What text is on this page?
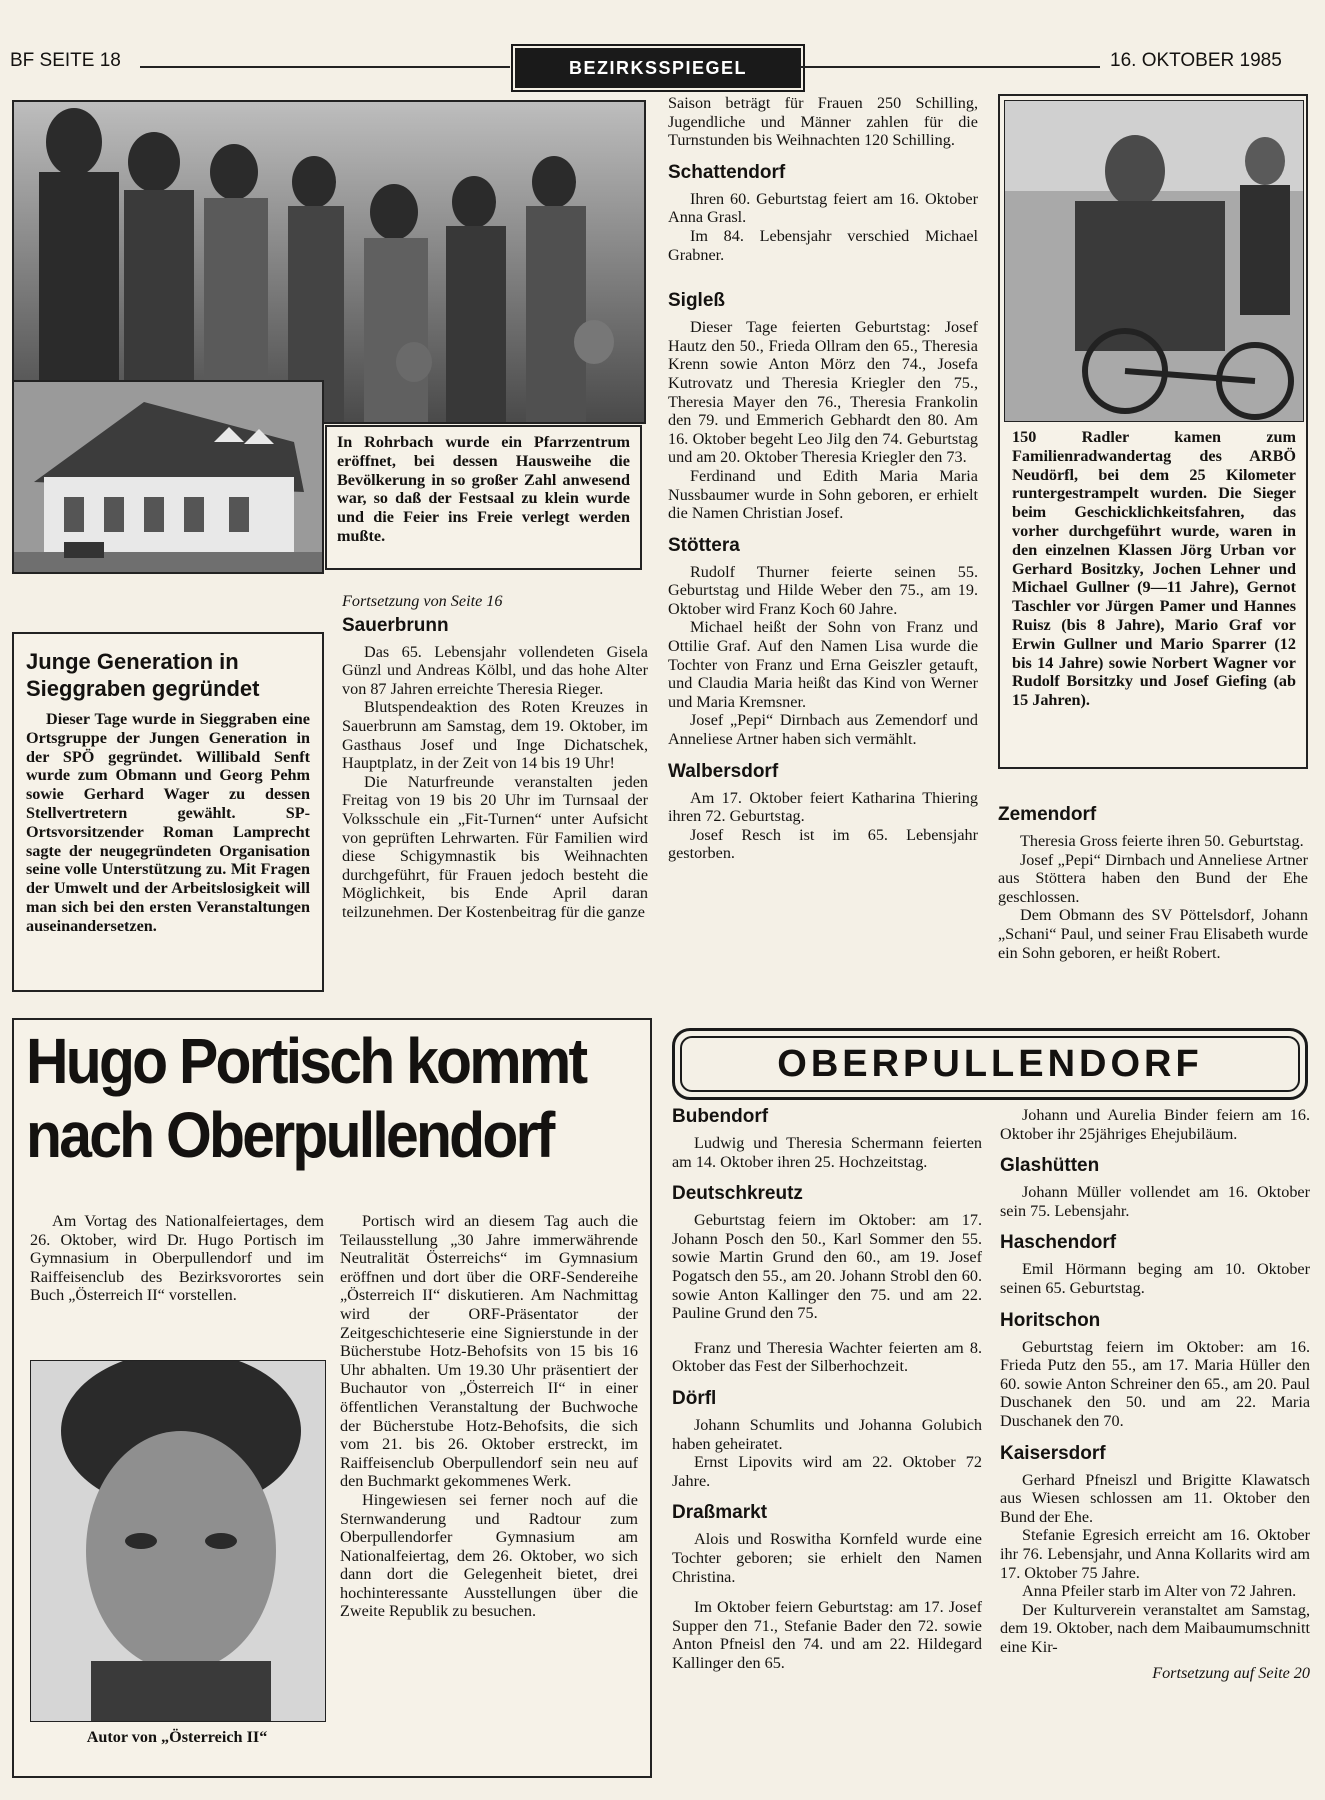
BF SEITE 18	BEZIRKSSPIEGEL	16. OKTOBER 1985
In Rohrbach wurde ein Pfarrzentrum eröffnet, bei dessen Hausweihe die Bevölkerung in so großer Zahl anwesend war, so daß der Festsaal zu klein wurde und die Feier ins Freie verlegt werden mußte.
Junge Generation in Sieggraben gegründet
Dieser Tage wurde in Sieggraben eine Ortsgruppe der Jungen Generation in der SPÖ gegründet. Willibald Senft wurde zum Obmann und Georg Pehm sowie Gerhard Wager zu dessen Stellvertretern gewählt. SP-Ortsvorsitzender Roman Lamprecht sagte der neugegründeten Organisation seine volle Unterstützung zu. Mit Fragen der Umwelt und der Arbeitslosigkeit will man sich bei den ersten Veranstaltungen auseinandersetzen.

Fortsetzung von Seite 16

Sauerbrunn

Das 65. Lebensjahr vollendeten Gisela Günzl und Andreas Kölbl, und das hohe Alter von 87 Jahren erreichte Theresia Rieger.

Blutspendeaktion des Roten Kreuzes in Sauerbrunn am Samstag, dem 19. Oktober, im Gasthaus Josef und Inge Dichatschek, Hauptplatz, in der Zeit von 14 bis 19 Uhr!

Die Naturfreunde veranstalten jeden Freitag von 19 bis 20 Uhr im Turnsaal der Volksschule ein „Fit-Turnen“ unter Aufsicht von geprüften Lehrwarten. Für Familien wird diese Schigymnastik bis Weihnachten durchgeführt, für Frauen jedoch besteht die Möglichkeit, bis Ende April daran teilzunehmen. Der Kostenbeitrag für die ganze

Saison beträgt für Frauen 250 Schilling, Jugendliche und Männer zahlen für die Turnstunden bis Weihnachten 120 Schilling.

Schattendorf

Ihren 60. Geburtstag feiert am 16. Oktober Anna Grasl.

Im 84. Lebensjahr verschied Michael Grabner.

Sigleß

Dieser Tage feierten Geburtstag: Josef Hautz den 50., Frieda Ollram den 65., Theresia Krenn sowie Anton Mörz den 74., Josefa Kutrovatz und Theresia Kriegler den 75., Theresia Mayer den 76., Theresia Frankolin den 79. und Emmerich Gebhardt den 80. Am 16. Oktober begeht Leo Jilg den 74. Geburtstag und am 20. Oktober Theresia Kriegler den 73.

Ferdinand und Edith Maria Maria Nussbaumer wurde in Sohn geboren, er erhielt die Namen Christian Josef.

Stöttera

Rudolf Thurner feierte seinen 55. Geburtstag und Hilde Weber den 75., am 19. Oktober wird Franz Koch 60 Jahre.

Michael heißt der Sohn von Franz und Ottilie Graf. Auf den Namen Lisa wurde die Tochter von Franz und Erna Geiszler getauft, und Claudia Maria heißt das Kind von Werner und Maria Kremsner.

Josef „Pepi“ Dirnbach aus Zemendorf und Anneliese Artner haben sich vermählt.

Walbersdorf

Am 17. Oktober feiert Katharina Thiering ihren 72. Geburtstag.

Josef Resch ist im 65. Lebensjahr gestorben.

150 Radler kamen zum Familienradwandertag des ARBÖ Neudörfl, bei dem 25 Kilometer runtergestrampelt wurden. Die Sieger beim Geschicklichkeitsfahren, das vorher durchgeführt wurde, waren in den einzelnen Klassen Jörg Urban vor Gerhard Bositzky, Jochen Lehner und Michael Gullner (9—11 Jahre), Gernot Taschler vor Jürgen Pamer und Hannes Ruisz (bis 8 Jahre), Mario Graf vor Erwin Gullner und Mario Sparrer (12 bis 14 Jahre) sowie Norbert Wagner vor Rudolf Borsitzky und Josef Giefing (ab 15 Jahren).
Zemendorf

Theresia Gross feierte ihren 50. Geburtstag.

Josef „Pepi“ Dirnbach und Anneliese Artner aus Stöttera haben den Bund der Ehe geschlossen.

Dem Obmann des SV Pöttelsdorf, Johann „Schani“ Paul, und seiner Frau Elisabeth wurde ein Sohn geboren, er heißt Robert.

Hugo Portisch kommt
nach Oberpullendorf

Am Vortag des Nationalfeiertages, dem 26. Oktober, wird Dr. Hugo Portisch im Gymnasium in Oberpullendorf und im Raiffeisenclub des Bezirksvorortes sein Buch „Österreich II“ vorstellen.

Autor von „Österreich II“

Portisch wird an diesem Tag auch die Teilausstellung „30 Jahre immerwährende Neutralität Österreichs“ im Gymnasium eröffnen und dort über die ORF-Sendereihe „Österreich II“ diskutieren. Am Nachmittag wird der ORF-Präsentator der Zeitgeschichteserie eine Signierstunde in der Bücherstube Hotz-Behofsits von 15 bis 16 Uhr abhalten. Um 19.30 Uhr präsentiert der Buchautor von „Österreich II“ in einer öffentlichen Veranstaltung der Buchwoche der Bücherstube Hotz-Behofsits, die sich vom 21. bis 26. Oktober erstreckt, im Raiffeisenclub Oberpullendorf sein neu auf den Buchmarkt gekommenes Werk.

Hingewiesen sei ferner noch auf die Sternwanderung und Radtour zum Oberpullendorfer Gymnasium am Nationalfeiertag, dem 26. Oktober, wo sich dann dort die Gelegenheit bietet, drei hochinteressante Ausstellungen über die Zweite Republik zu besuchen.

OBERPULLENDORF
Bubendorf

Ludwig und Theresia Schermann feierten am 14. Oktober ihren 25. Hochzeitstag.

Deutschkreutz

Geburtstag feiern im Oktober: am 17. Johann Posch den 50., Karl Sommer den 55. sowie Martin Grund den 60., am 19. Josef Pogatsch den 55., am 20. Johann Strobl den 60. sowie Anton Kallinger den 75. und am 22. Pauline Grund den 75.

Franz und Theresia Wachter feierten am 8. Oktober das Fest der Silberhochzeit.

Dörfl

Johann Schumlits und Johanna Golubich haben geheiratet.

Ernst Lipovits wird am 22. Oktober 72 Jahre.

Draßmarkt

Alois und Roswitha Kornfeld wurde eine Tochter geboren; sie erhielt den Namen Christina.

Im Oktober feiern Geburtstag: am 17. Josef Supper den 71., Stefanie Bader den 72. sowie Anton Pfneisl den 74. und am 22. Hildegard Kallinger den 65.

Johann und Aurelia Binder feiern am 16. Oktober ihr 25jähriges Ehejubiläum.

Glashütten

Johann Müller vollendet am 16. Oktober sein 75. Lebensjahr.

Haschendorf

Emil Hörmann beging am 10. Oktober seinen 65. Geburtstag.

Horitschon

Geburtstag feiern im Oktober: am 16. Frieda Putz den 55., am 17. Maria Hüller den 60. sowie Anton Schreiner den 65., am 20. Paul Duschanek den 50. und am 22. Maria Duschanek den 70.

Kaisersdorf

Gerhard Pfneiszl und Brigitte Klawatsch aus Wiesen schlossen am 11. Oktober den Bund der Ehe.

Stefanie Egresich erreicht am 16. Oktober ihr 76. Lebensjahr, und Anna Kollarits wird am 17. Oktober 75 Jahre.

Anna Pfeiler starb im Alter von 72 Jahren.

Der Kulturverein veranstaltet am Samstag, dem 19. Oktober, nach dem Maibaumumschnitt eine Kir-

Fortsetzung auf Seite 20
